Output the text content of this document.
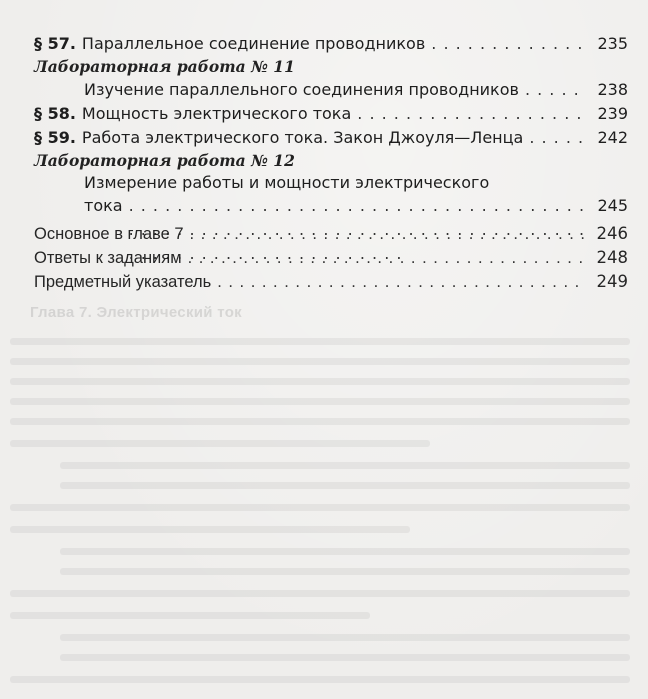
Глава 7. Электрический ток
§ 57. Параллельное соединение проводников . . .	235
Лабораторная работа № 11
Изучение параллельного соединения проводников . . .	238
§ 58. Мощность электрического тока . . .	239
§ 59. Работа электрического тока. Закон Джоуля—Ленца . . .	242
Лабораторная работа № 12
Измерение работы и мощности электрического
тока . . .	245
Основное в главе 7 . . .	246
Ответы к заданиям . . .	248
Предметный указатель . . .	249
